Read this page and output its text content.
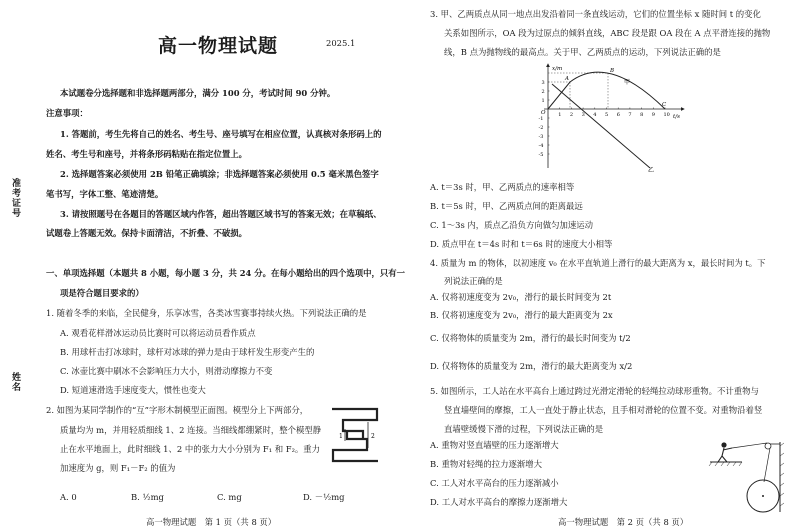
准考证号
姓名
高一物理试题	2025.1
本试题卷分选择题和非选择题两部分，满分 100 分，考试时间 90 分钟。
注意事项：
1. 答题前，考生先将自己的姓名、考生号、座号填写在相应位置，认真核对条形码上的
姓名、考生号和座号，并将条形码粘贴在指定位置上。
2. 选择题答案必须使用 2B 铅笔正确填涂；非选择题答案必须使用 0.5 毫米黑色签字
笔书写，字体工整、笔迹清楚。
3. 请按照题号在各题目的答题区域内作答，超出答题区域书写的答案无效；在草稿纸、
试题卷上答题无效。保持卡面清洁，不折叠、不破损。
一、单项选择题（本题共 8 小题，每小题 3 分，共 24 分。在每小题给出的四个选项中，只有一
项是符合题目要求的）
1. 随着冬季的来临，全民健身，乐享冰雪，各类冰雪赛事持续火热。下列说法正确的是
A. 观看花样滑冰运动员比赛时可以将运动员看作质点
B. 用球杆击打冰球时，球杆对冰球的弹力是由于球杆发生形变产生的
C. 冰壶比赛中刷冰不会影响压力大小，则滑动摩擦力不变
D. 短道速滑选手速度变大，惯性也变大
2. 如图为某同学制作的“互”字形木制模型正面图。模型分上下两部分，
质量均为 m，并用轻质细线 1、2 连接。当细线都绷紧时，整个模型静
止在水平地面上，此时细线 1、2 中的张力大小分别为 F₁ 和 F₂。重力
加速度为 g，则 F₁－F₂ 的值为
1	2
A. 0	B. ½mg	C. mg	D. －½mg
高一物理试题　第 1 页（共 8 页）
3. 甲、乙两质点从同一地点出发沿着同一条直线运动，它们的位置坐标 x 随时间 t 的变化
关系如图所示，OA 段为过原点的倾斜直线，ABC 段是跟 OA 段在 A 点平滑连接的抛物
线，B 点为抛物线的最高点。关于甲、乙两质点的运动，下列说法正确的是
1 2 3 4 5 6 7 8 9 10
3
2
1
-1
-2
-3
-4
-5
x/m
t/s
O
A
B
C
甲
乙
A. t＝3s 时，甲、乙两质点的速率相等
B. t＝5s 时，甲、乙两质点间的距离最远
C. 1～3s 内，质点乙沿负方向做匀加速运动
D. 质点甲在 t＝4s 时和 t＝6s 时的速度大小相等
4. 质量为 m 的物体，以初速度 v₀ 在水平直轨道上滑行的最大距离为 x，最长时间为 t。下
列说法正确的是
A. 仅将初速度变为 2v₀，滑行的最长时间变为 2t
B. 仅将初速度变为 2v₀，滑行的最大距离变为 2x
C. 仅将物体的质量变为 2m，滑行的最长时间变为 t/2
D. 仅将物体的质量变为 2m，滑行的最大距离变为 x/2
5. 如图所示，工人站在水平高台上通过跨过光滑定滑轮的轻绳拉动球形重物。不计重物与
竖直墙壁间的摩擦，工人一直处于静止状态，且手相对滑轮的位置不变。对重物沿着竖
直墙壁缓慢下滑的过程，下列说法正确的是
A. 重物对竖直墙壁的压力逐渐增大
B. 重物对轻绳的拉力逐渐增大
C. 工人对水平高台的压力逐渐减小
D. 工人对水平高台的摩擦力逐渐增大
高一物理试题　第 2 页（共 8 页）
